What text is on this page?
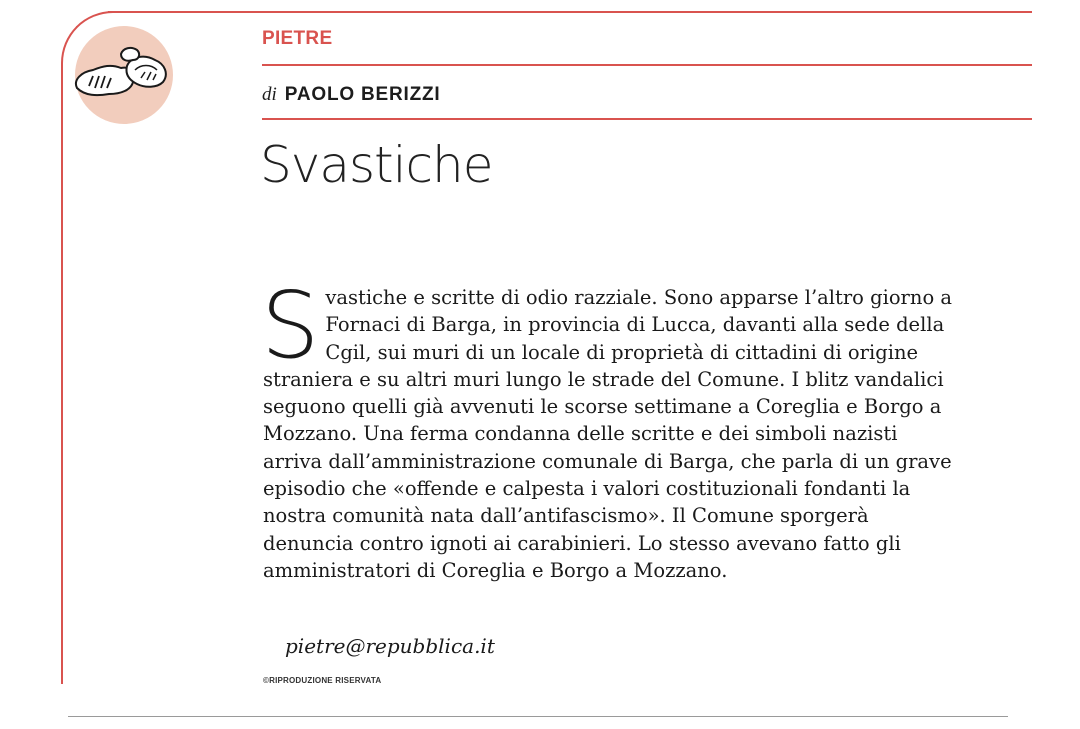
PIETRE
di PAOLO BERIZZI
Svastiche

Svastiche e scritte di odio razziale. Sono apparse l’altro giorno a Fornaci di Barga, in provincia di Lucca, davanti alla sede della Cgil, sui muri di un locale di proprietà di cittadini di origine straniera e su altri muri lungo le strade del Comune. I blitz vandalici seguono quelli già avvenuti le scorse settimane a Coreglia e Borgo a Mozzano. Una ferma condanna delle scritte e dei simboli nazisti arriva dall’amministrazione comunale di Barga, che parla di un grave episodio che «offende e calpesta i valori costituzionali fondanti la nostra comunità nata dall’antifascismo». Il Comune sporgerà denuncia contro ignoti ai carabinieri. Lo stesso avevano fatto gli amministratori di Coreglia e Borgo a Mozzano.

pietre@repubblica.it
©RIPRODUZIONE RISERVATA
